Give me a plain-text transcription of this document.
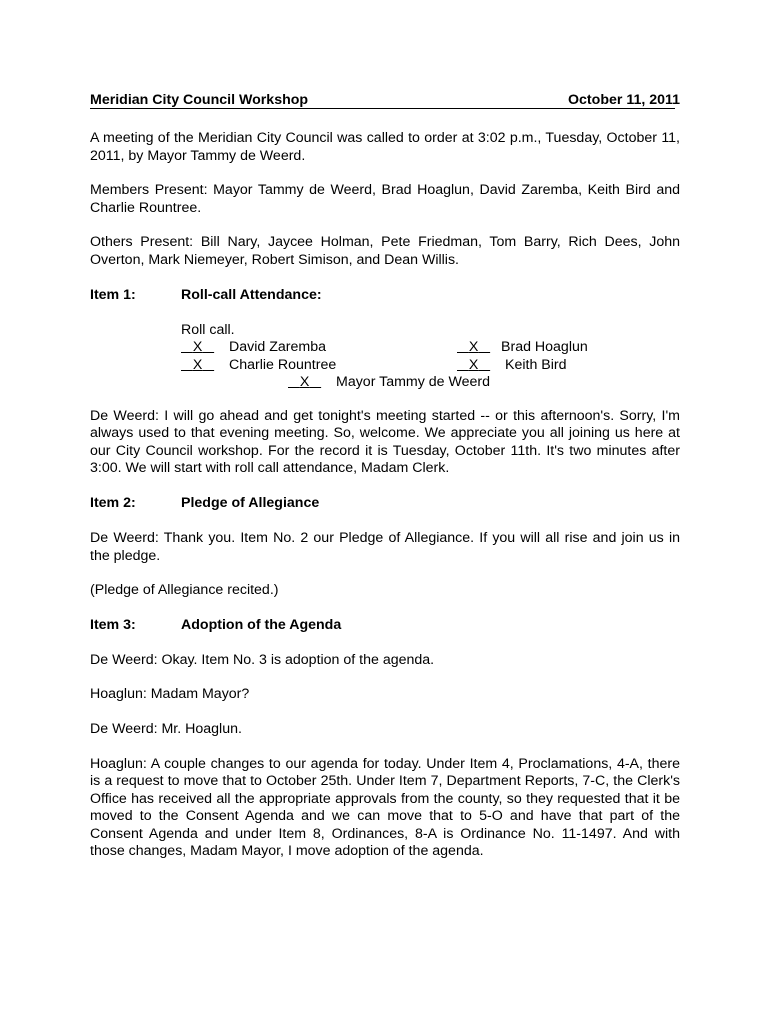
Meridian City Council Workshop	October 11, 2011

A meeting of the Meridian City Council was called to order at 3:02 p.m., Tuesday, October 11, 2011, by Mayor Tammy de Weerd.

Members Present: Mayor Tammy de Weerd, Brad Hoaglun, David Zaremba, Keith Bird and Charlie Rountree.

Others Present: Bill Nary, Jaycee Holman, Pete Friedman, Tom Barry, Rich Dees, John Overton, Mark Niemeyer, Robert Simison, and Dean Willis.

Item 1:	Roll-call Attendance:
Roll call.
X	David Zaremba	X	Brad Hoaglun
X	Charlie Rountree	X	Keith Bird
X	Mayor Tammy de Weerd

De Weerd: I will go ahead and get tonight's meeting started -- or this afternoon's. Sorry, I'm always used to that evening meeting. So, welcome. We appreciate you all joining us here at our City Council workshop. For the record it is Tuesday, October 11th. It's two minutes after 3:00. We will start with roll call attendance, Madam Clerk.

Item 2:	Pledge of Allegiance

De Weerd: Thank you. Item No. 2 our Pledge of Allegiance. If you will all rise and join us in the pledge.

(Pledge of Allegiance recited.)

Item 3:	Adoption of the Agenda

De Weerd: Okay. Item No. 3 is adoption of the agenda.

Hoaglun: Madam Mayor?

De Weerd: Mr. Hoaglun.

Hoaglun: A couple changes to our agenda for today. Under Item 4, Proclamations, 4-A, there is a request to move that to October 25th. Under Item 7, Department Reports, 7-C, the Clerk's Office has received all the appropriate approvals from the county, so they requested that it be moved to the Consent Agenda and we can move that to 5-O and have that part of the Consent Agenda and under Item 8, Ordinances, 8-A is Ordinance No. 11-1497. And with those changes, Madam Mayor, I move adoption of the agenda.
